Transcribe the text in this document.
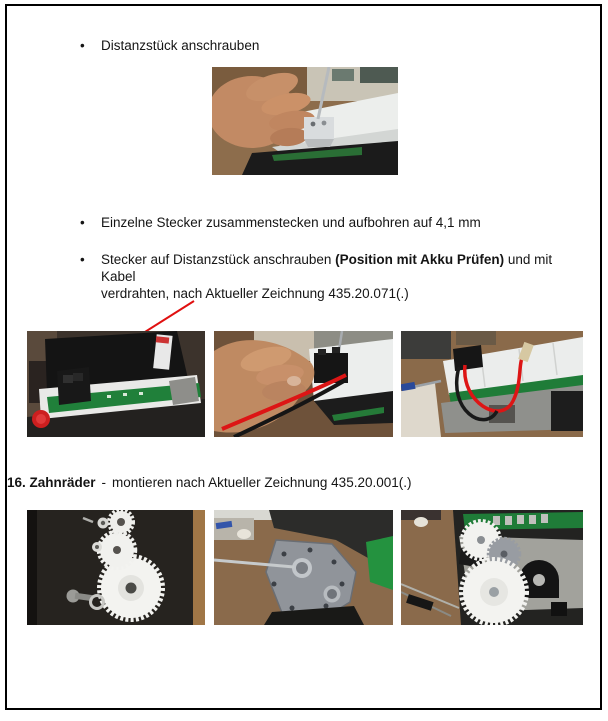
•	Distanzstück anschrauben
•	Einzelne Stecker zusammenstecken und aufbohren auf 4,1 mm
•	Stecker auf Distanzstück anschrauben (Position mit Akku Prüfen) und mit Kabel
verdrahten, nach Aktueller Zeichnung 435.20.071(.)
16. Zahnräder - montieren nach Aktueller Zeichnung 435.20.001(.)
